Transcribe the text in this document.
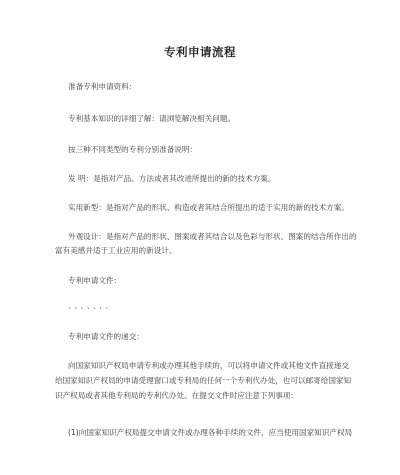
专利申请流程
准备专利申请资料：
专利基本知识的详细了解：请浏览解决相关问题。
按三种不同类型的专利分别准备说明：
发 明：是指对产品、方法或者其改进所提出的新的技术方案。
实用新型：是指对产品的形状、构造或者其结合所提出的适于实用的新的技术方案。
外观设计：是指对产品的形状、图案或者其结合以及色彩与形状、图案的结合所作出的
富有美感并适于工业应用的新设计。
专利申请文件：
` ` ` ` ` ` `
专利申请文件的递交：
向国家知识产权局申请专利或办理其他手续的，可以将申请文件或其他文件直接递交
给国家知识产权局的申请受理窗口或专利局的任何一个专利代办处，也可以邮寄给国家知
识产权局或者其他专利局的专利代办处。在提交文件时应注意下列事项：
(1)向国家知识产权局提交申请文件或办理各种手续的文件，应当使用国家知识产权局
